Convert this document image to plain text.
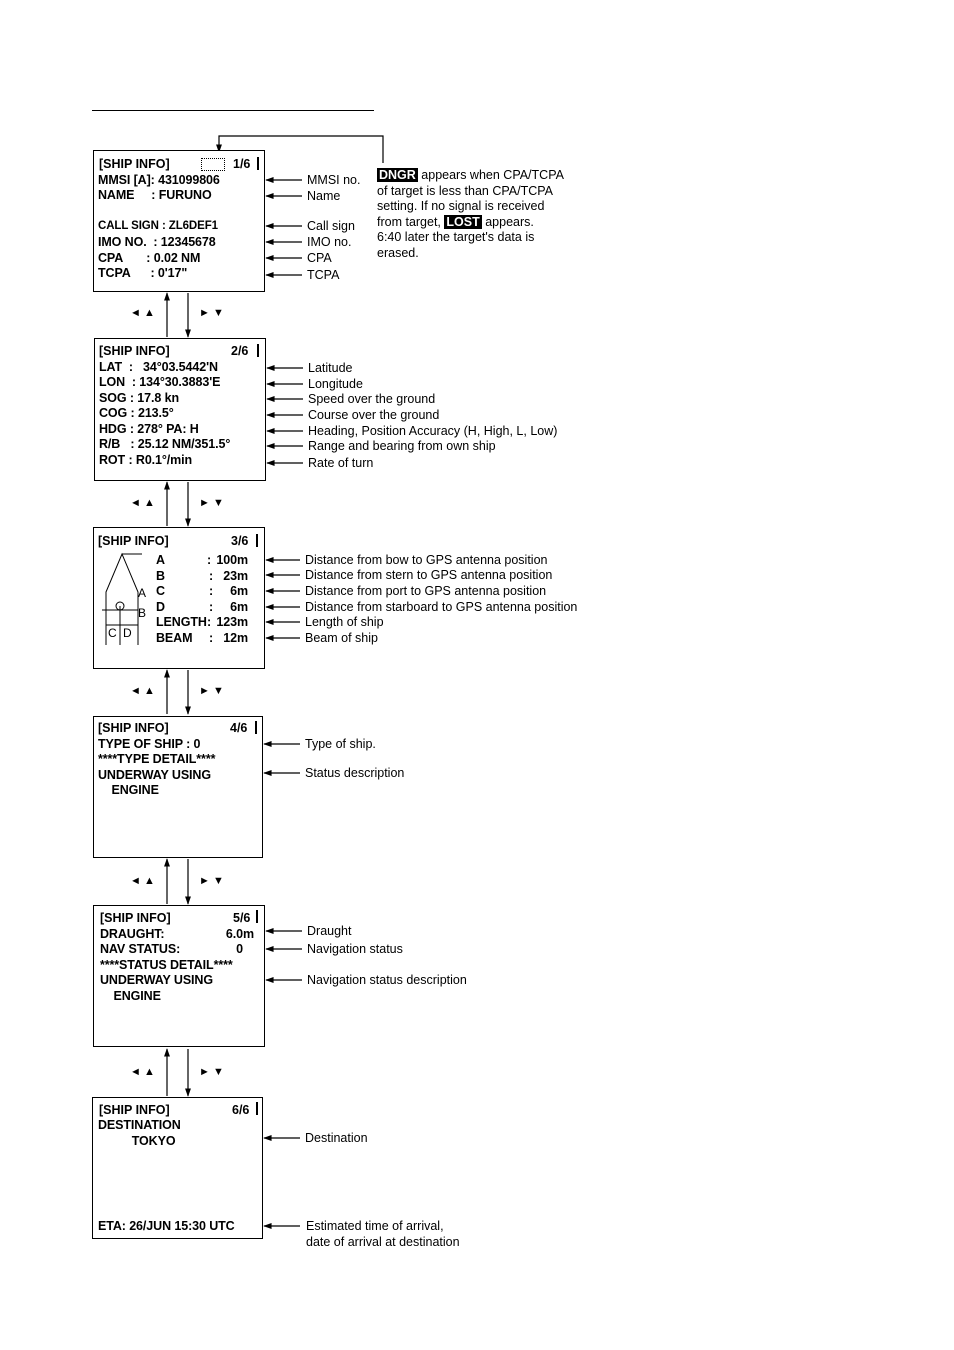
[SHIP INFO]	1/6
MMSI [A]: 431099806
NAME     : FURUNO
CALL SIGN : ZL6DEF1
IMO NO.  : 12345678
CPA       : 0.02 NM
TCPA      : 0'17"
MMSI no.
Name
Call sign
IMO no.
CPA
TCPA
DNGR appears when CPA/TCPA
of target is less than CPA/TCPA
setting. If no signal is received
from target, LOST appears.
6:40 later the target's data is
erased.
◄ ▲	► ▼
[SHIP INFO]	2/6
LAT  :   34°03.5442'N
LON  : 134°30.3883'E
SOG : 17.8 kn
COG : 213.5°
HDG : 278° PA: H
R/B   : 25.12 NM/351.5°
ROT : R0.1°/min
Latitude
Longitude
Speed over the ground
Course over the ground
Heading, Position Accuracy (H, High, L, Low)
Range and bearing from own ship
Rate of turn
◄ ▲	► ▼
[SHIP INFO]	3/6
A
B
C D
A	: 100m
B	: 23m
C	: 6m
D	: 6m
LENGTH : 123m
BEAM : 12m
Distance from bow to GPS antenna position
Distance from stern to GPS antenna position
Distance from port to GPS antenna position
Distance from starboard to GPS antenna position
Length of ship
Beam of ship
◄ ▲	► ▼
[SHIP INFO]	4/6
TYPE OF SHIP : 0
****TYPE DETAIL****
UNDERWAY USING
ENGINE
Type of ship.
Status description
◄ ▲	► ▼
[SHIP INFO]	5/6
DRAUGHT:	6.0m
NAV STATUS:	0
****STATUS DETAIL****
UNDERWAY USING
ENGINE
Draught
Navigation status
Navigation status description
◄ ▲	► ▼
[SHIP INFO]	6/6
DESTINATION
TOKYO
ETA: 26/JUN 15:30 UTC
Destination
Estimated time of arrival,
date of arrival at destination
